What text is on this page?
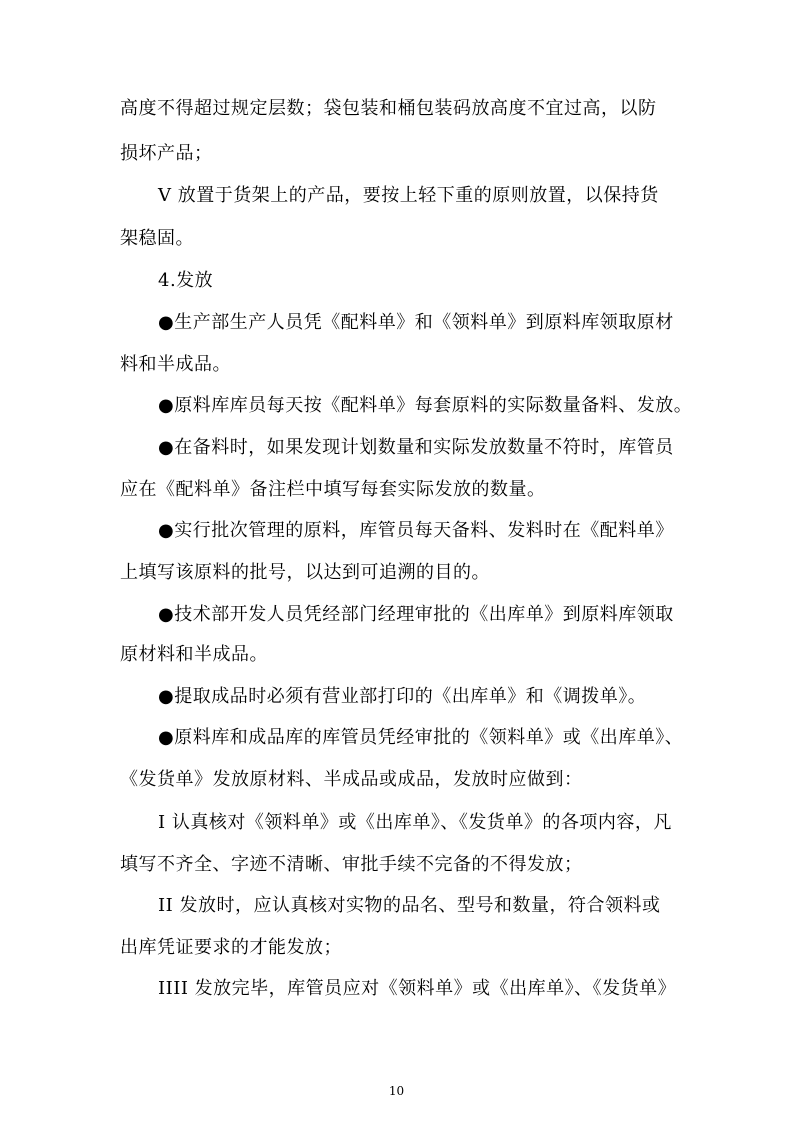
高度不得超过规定层数；袋包装和桶包装码放高度不宜过高，以防
损坏产品；
V 放置于货架上的产品，要按上轻下重的原则放置，以保持货
架稳固。
4.发放
●生产部生产人员凭《配料单》和《领料单》到原料库领取原材
料和半成品。
●原料库库员每天按《配料单》每套原料的实际数量备料、发放。
●在备料时，如果发现计划数量和实际发放数量不符时，库管员
应在《配料单》备注栏中填写每套实际发放的数量。
●实行批次管理的原料，库管员每天备料、发料时在《配料单》
上填写该原料的批号，以达到可追溯的目的。
●技术部开发人员凭经部门经理审批的《出库单》到原料库领取
原材料和半成品。
●提取成品时必须有营业部打印的《出库单》和《调拨单》。
●原料库和成品库的库管员凭经审批的《领料单》或《出库单》、
《发货单》发放原材料、半成品或成品，发放时应做到：
I 认真核对《领料单》或《出库单》、《发货单》的各项内容，凡
填写不齐全、字迹不清晰、审批手续不完备的不得发放；
II 发放时，应认真核对实物的品名、型号和数量，符合领料或
出库凭证要求的才能发放；
IIII 发放完毕，库管员应对《领料单》或《出库单》、《发货单》
10
